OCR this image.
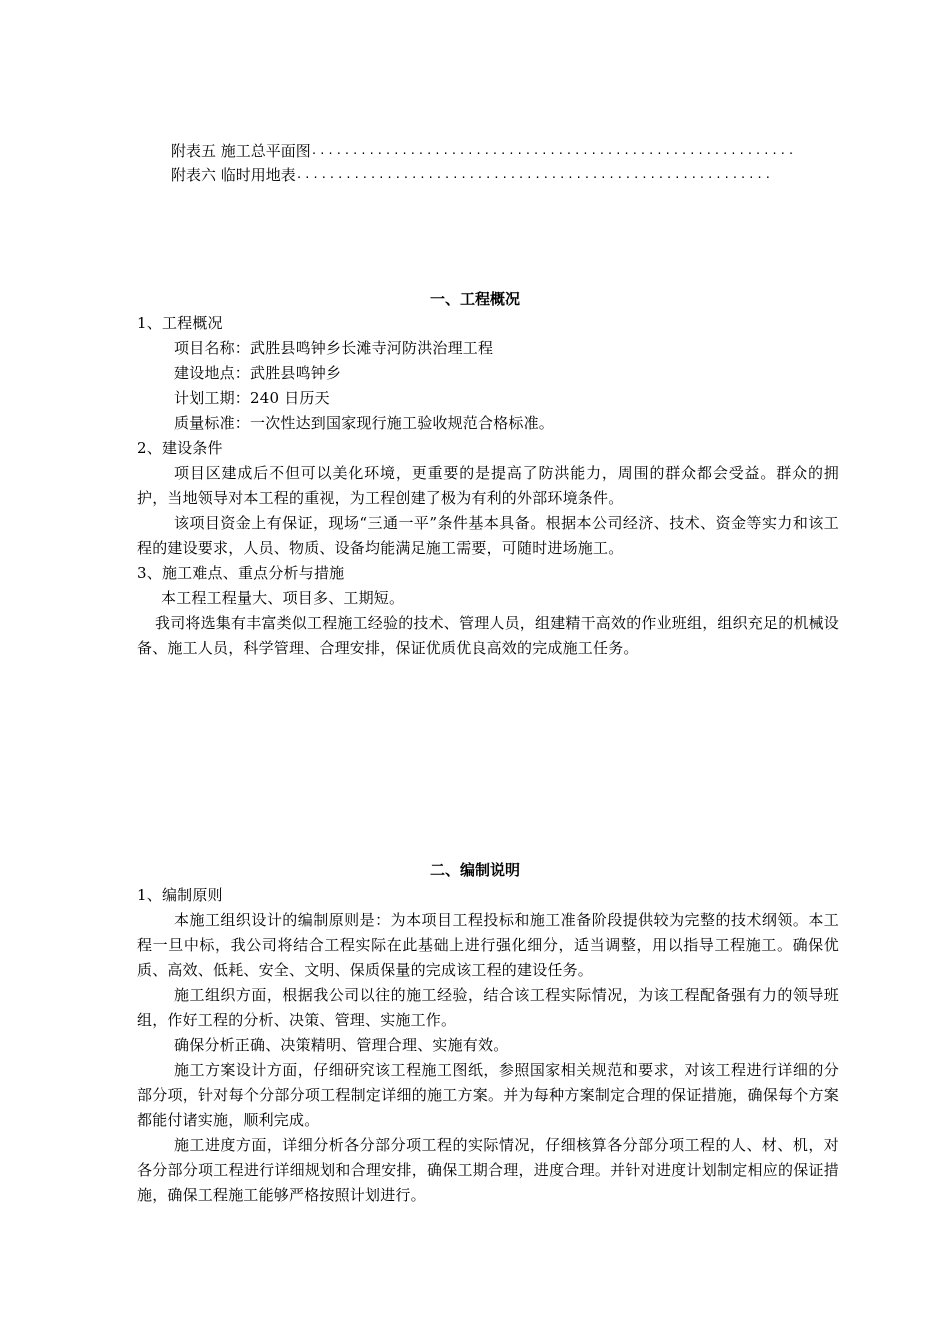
附表五 施工总平面图...........................................................
附表六 临时用地表..........................................................
一、工程概况

1、工程概况

项目名称：武胜县鸣钟乡长滩寺河防洪治理工程

建设地点：武胜县鸣钟乡

计划工期：240 日历天

质量标准：一次性达到国家现行施工验收规范合格标准。

2、建设条件

项目区建成后不但可以美化环境，更重要的是提高了防洪能力，周围的群众都会受益。群众的拥护，当地领导对本工程的重视，为工程创建了极为有利的外部环境条件。

该项目资金上有保证，现场“三通一平”条件基本具备。根据本公司经济、技术、资金等实力和该工程的建设要求，人员、物质、设备均能满足施工需要，可随时进场施工。

3、施工难点、重点分析与措施

本工程工程量大、项目多、工期短。

我司将选集有丰富类似工程施工经验的技术、管理人员，组建精干高效的作业班组，组织充足的机械设备、施工人员，科学管理、合理安排，保证优质优良高效的完成施工任务。

二、编制说明

1、编制原则

本施工组织设计的编制原则是：为本项目工程投标和施工准备阶段提供较为完整的技术纲领。本工程一旦中标，我公司将结合工程实际在此基础上进行强化细分，适当调整，用以指导工程施工。确保优质、高效、低耗、安全、文明、保质保量的完成该工程的建设任务。

施工组织方面，根据我公司以往的施工经验，结合该工程实际情况，为该工程配备强有力的领导班组，作好工程的分析、决策、管理、实施工作。

确保分析正确、决策精明、管理合理、实施有效。

施工方案设计方面，仔细研究该工程施工图纸，参照国家相关规范和要求，对该工程进行详细的分部分项，针对每个分部分项工程制定详细的施工方案。并为每种方案制定合理的保证措施，确保每个方案都能付诸实施，顺利完成。

施工进度方面，详细分析各分部分项工程的实际情况，仔细核算各分部分项工程的人、材、机，对各分部分项工程进行详细规划和合理安排，确保工期合理，进度合理。并针对进度计划制定相应的保证措施，确保工程施工能够严格按照计划进行。
